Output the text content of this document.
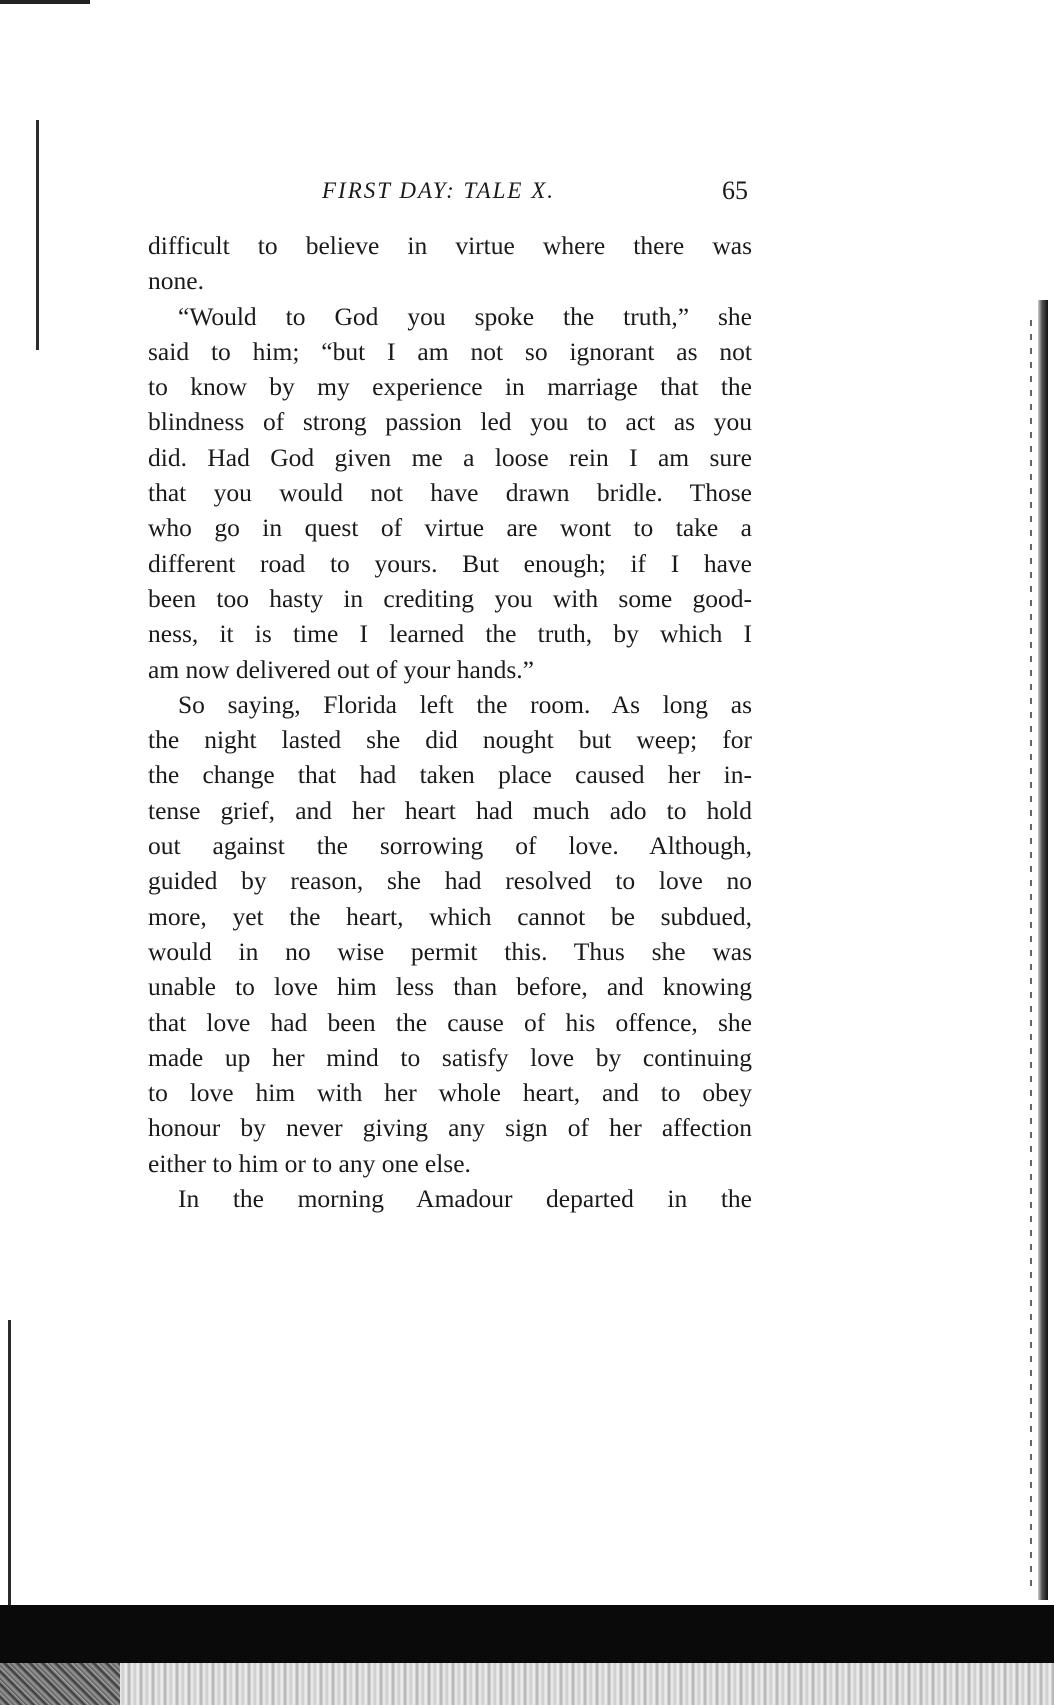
FIRST DAY: TALE X.	65

difficult to believe in virtue where there was

none.

“Would to God you spoke the truth,” she

said to him; “but I am not so ignorant as not

to know by my experience in marriage that the

blindness of strong passion led you to act as you

did. Had God given me a loose rein I am sure

that you would not have drawn bridle. Those

who go in quest of virtue are wont to take a

different road to yours. But enough; if I have

been too hasty in crediting you with some good-

ness, it is time I learned the truth, by which I

am now delivered out of your hands.”

So saying, Florida left the room. As long as

the night lasted she did nought but weep; for

the change that had taken place caused her in-

tense grief, and her heart had much ado to hold

out against the sorrowing of love. Although,

guided by reason, she had resolved to love no

more, yet the heart, which cannot be subdued,

would in no wise permit this. Thus she was

unable to love him less than before, and knowing

that love had been the cause of his offence, she

made up her mind to satisfy love by continuing

to love him with her whole heart, and to obey

honour by never giving any sign of her affection

either to him or to any one else.

In the morning Amadour departed in the
